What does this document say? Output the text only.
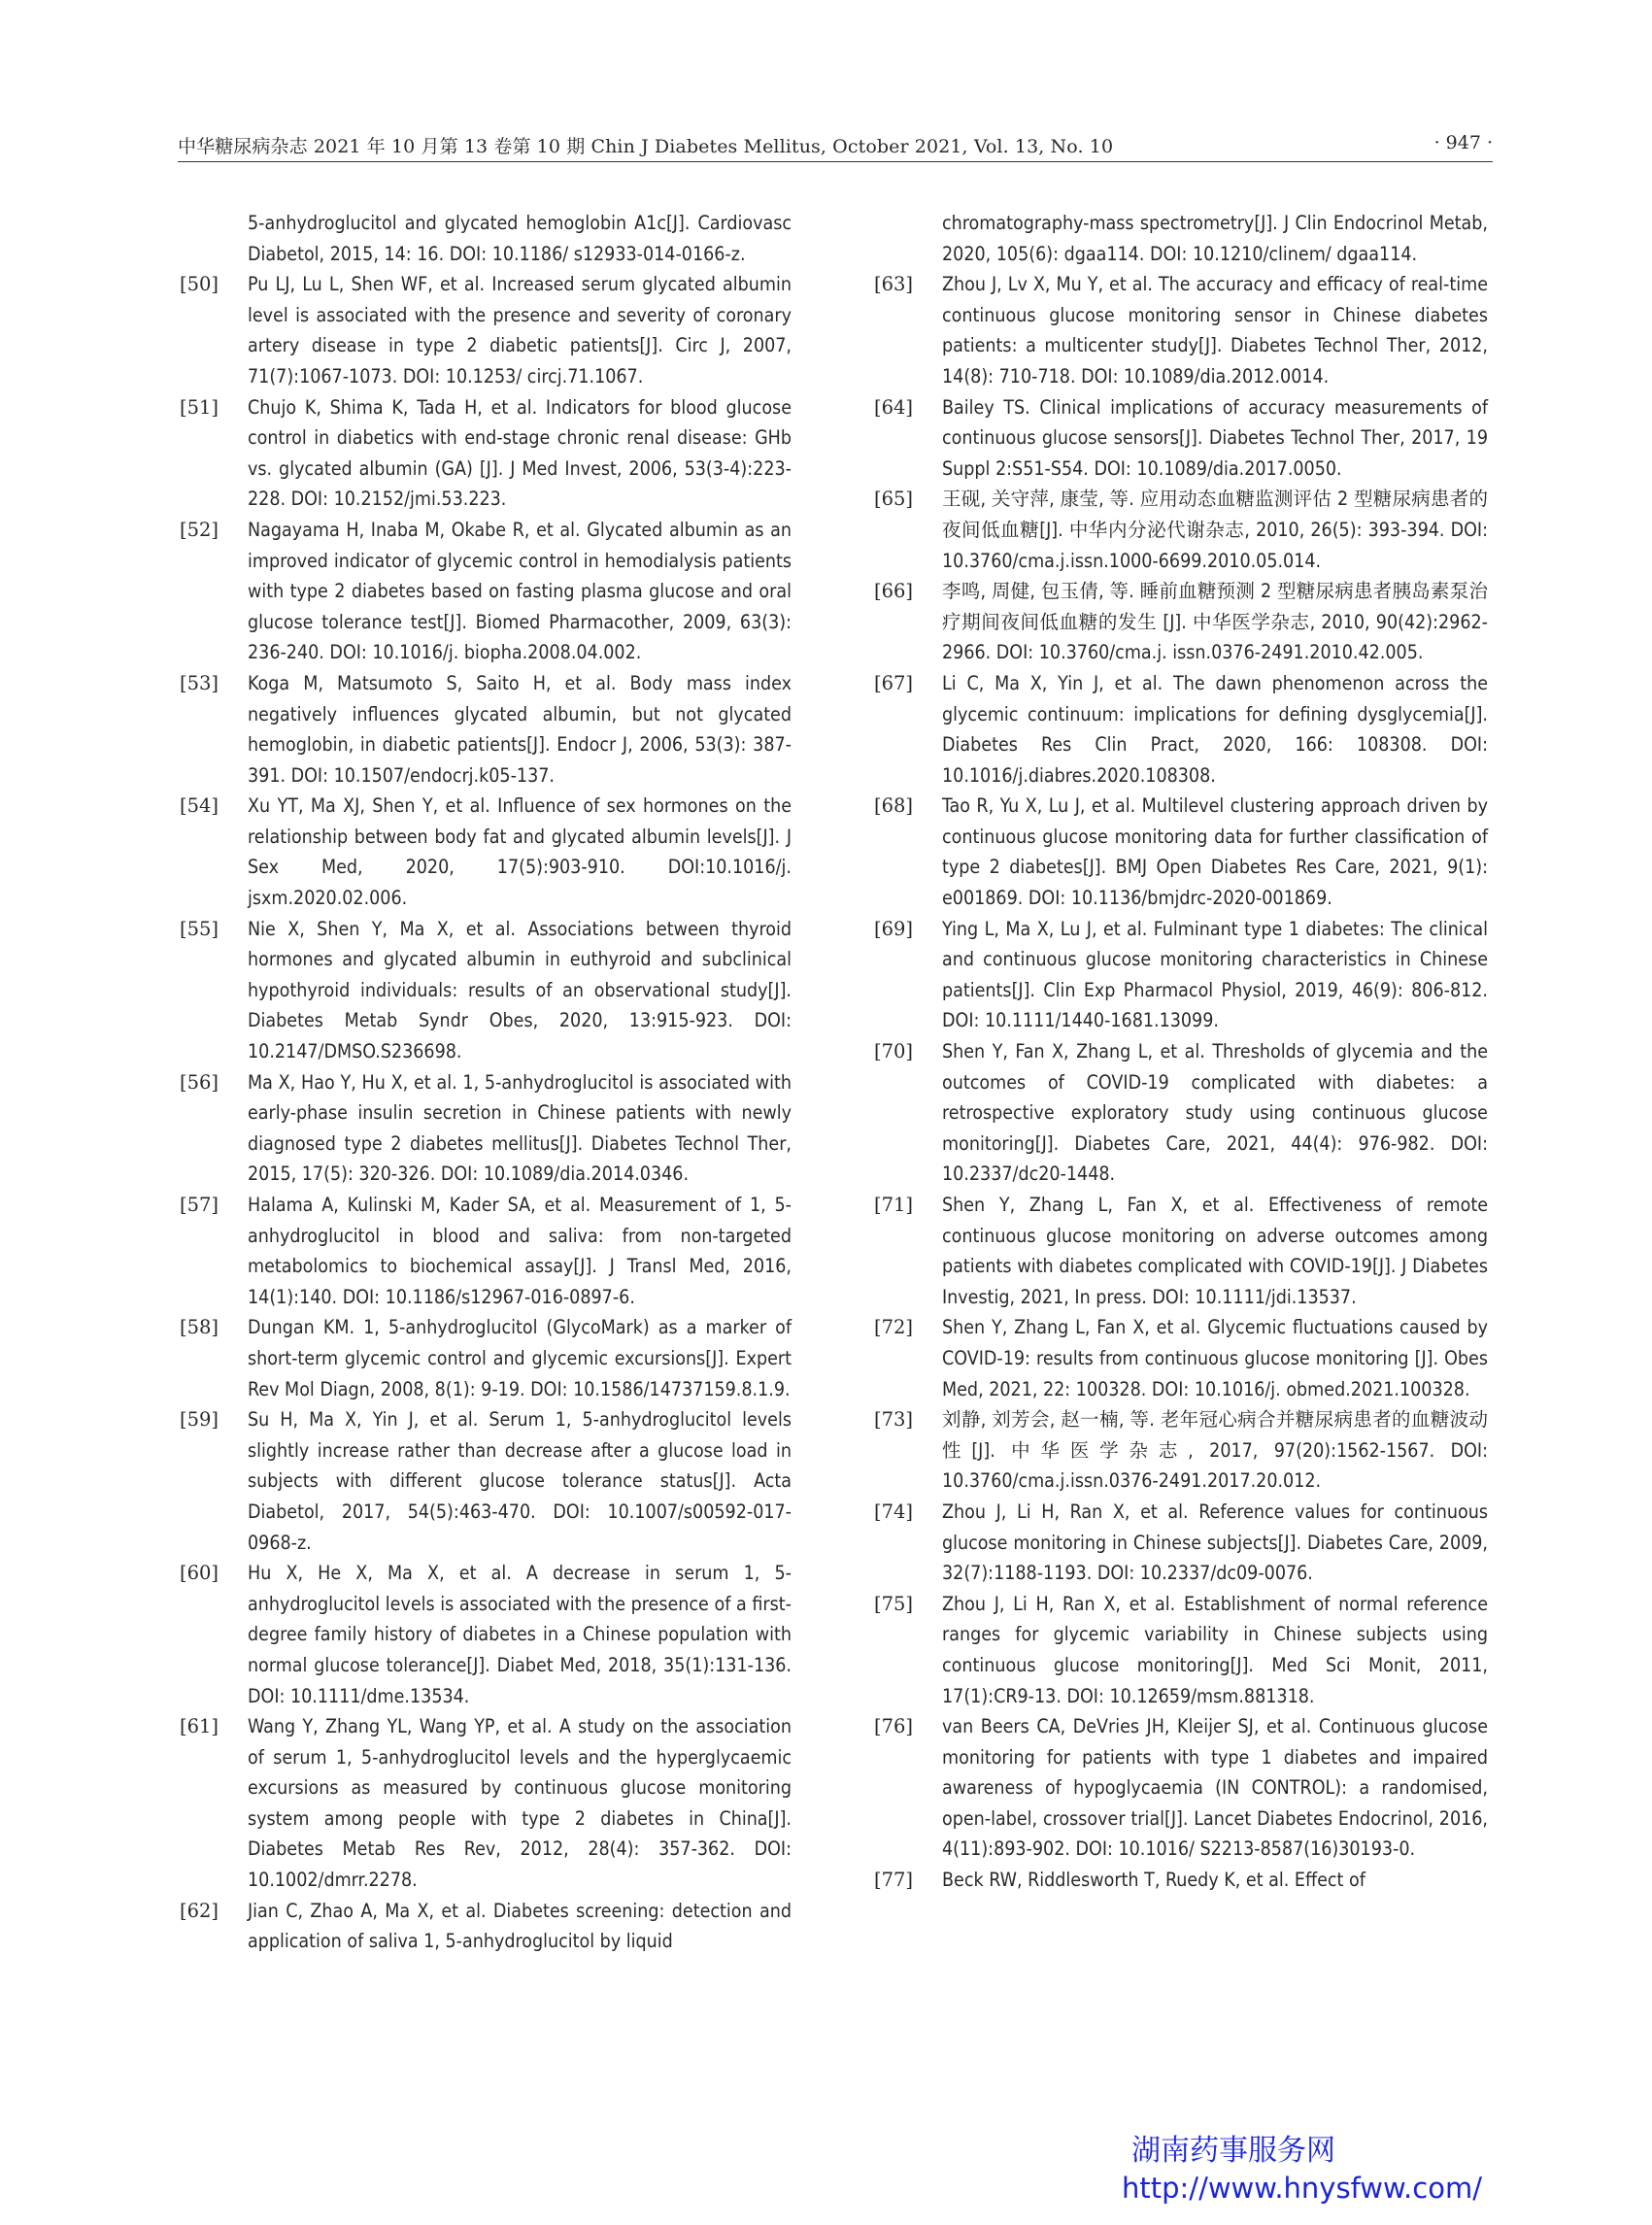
中华糖尿病杂志 2021 年 10 月第 13 卷第 10 期 Chin J Diabetes Mellitus, October 2021, Vol. 13, No. 10	· 947 ·
5-anhydroglucitol and glycated hemoglobin A1c[J]. Cardiovasc Diabetol, 2015, 14: 16. DOI: 10.1186/ s12933-014-0166-z.
[50]	Pu LJ, Lu L, Shen WF, et al. Increased serum glycated albumin level is associated with the presence and severity of coronary artery disease in type 2 diabetic patients[J]. Circ J, 2007, 71(7):1067-1073. DOI: 10.1253/ circj.71.1067.
[51]	Chujo K, Shima K, Tada H, et al. Indicators for blood glucose control in diabetics with end-stage chronic renal disease: GHb vs. glycated albumin (GA) [J]. J Med Invest, 2006, 53(3-4):223-228. DOI: 10.2152/jmi.53.223.
[52]	Nagayama H, Inaba M, Okabe R, et al. Glycated albumin as an improved indicator of glycemic control in hemodialysis patients with type 2 diabetes based on fasting plasma glucose and oral glucose tolerance test[J]. Biomed Pharmacother, 2009, 63(3): 236-240. DOI: 10.1016/j. biopha.2008.04.002.
[53]	Koga M, Matsumoto S, Saito H, et al. Body mass index negatively influences glycated albumin, but not glycated hemoglobin, in diabetic patients[J]. Endocr J, 2006, 53(3): 387-391. DOI: 10.1507/endocrj.k05-137.
[54]	Xu YT, Ma XJ, Shen Y, et al. Influence of sex hormones on the relationship between body fat and glycated albumin levels[J]. J Sex Med, 2020, 17(5):903-910. DOI:10.1016/j. jsxm.2020.02.006.
[55]	Nie X, Shen Y, Ma X, et al. Associations between thyroid hormones and glycated albumin in euthyroid and subclinical hypothyroid individuals: results of an observational study[J]. Diabetes Metab Syndr Obes, 2020, 13:915-923. DOI: 10.2147/DMSO.S236698.
[56]	Ma X, Hao Y, Hu X, et al. 1, 5-anhydroglucitol is associated with early-phase insulin secretion in Chinese patients with newly diagnosed type 2 diabetes mellitus[J]. Diabetes Technol Ther, 2015, 17(5): 320-326. DOI: 10.1089/dia.2014.0346.
[57]	Halama A, Kulinski M, Kader SA, et al. Measurement of 1, 5-anhydroglucitol in blood and saliva: from non-targeted metabolomics to biochemical assay[J]. J Transl Med, 2016, 14(1):140. DOI: 10.1186/s12967-016-0897-6.
[58]	Dungan KM. 1, 5-anhydroglucitol (GlycoMark) as a marker of short-term glycemic control and glycemic excursions[J]. Expert Rev Mol Diagn, 2008, 8(1): 9-19. DOI: 10.1586/14737159.8.1.9.
[59]	Su H, Ma X, Yin J, et al. Serum 1, 5-anhydroglucitol levels slightly increase rather than decrease after a glucose load in subjects with different glucose tolerance status[J]. Acta Diabetol, 2017, 54(5):463-470. DOI: 10.1007/s00592-017-0968-z.
[60]	Hu X, He X, Ma X, et al. A decrease in serum 1, 5-anhydroglucitol levels is associated with the presence of a first-degree family history of diabetes in a Chinese population with normal glucose tolerance[J]. Diabet Med, 2018, 35(1):131-136. DOI: 10.1111/dme.13534.
[61]	Wang Y, Zhang YL, Wang YP, et al. A study on the association of serum 1, 5-anhydroglucitol levels and the hyperglycaemic excursions as measured by continuous glucose monitoring system among people with type 2 diabetes in China[J]. Diabetes Metab Res Rev, 2012, 28(4): 357-362. DOI: 10.1002/dmrr.2278.
[62]	Jian C, Zhao A, Ma X, et al. Diabetes screening: detection and application of saliva 1, 5-anhydroglucitol by liquid
chromatography-mass spectrometry[J]. J Clin Endocrinol Metab, 2020, 105(6): dgaa114. DOI: 10.1210/clinem/ dgaa114.
[63]	Zhou J, Lv X, Mu Y, et al. The accuracy and efficacy of real-time continuous glucose monitoring sensor in Chinese diabetes patients: a multicenter study[J]. Diabetes Technol Ther, 2012, 14(8): 710-718. DOI: 10.1089/dia.2012.0014.
[64]	Bailey TS. Clinical implications of accuracy measurements of continuous glucose sensors[J]. Diabetes Technol Ther, 2017, 19 Suppl 2:S51-S54. DOI: 10.1089/dia.2017.0050.
[65]	王砚, 关守萍, 康莹, 等. 应用动态血糖监测评估 2 型糖尿病患者的夜间低血糖[J]. 中华内分泌代谢杂志, 2010, 26(5): 393-394. DOI: 10.3760/cma.j.issn.1000-6699.2010.05.014.
[66]	李鸣, 周健, 包玉倩, 等. 睡前血糖预测 2 型糖尿病患者胰岛素泵治疗期间夜间低血糖的发生 [J]. 中华医学杂志, 2010, 90(42):2962-2966. DOI: 10.3760/cma.j. issn.0376-2491.2010.42.005.
[67]	Li C, Ma X, Yin J, et al. The dawn phenomenon across the glycemic continuum: implications for defining dysglycemia[J]. Diabetes Res Clin Pract, 2020, 166: 108308. DOI: 10.1016/j.diabres.2020.108308.
[68]	Tao R, Yu X, Lu J, et al. Multilevel clustering approach driven by continuous glucose monitoring data for further classification of type 2 diabetes[J]. BMJ Open Diabetes Res Care, 2021, 9(1): e001869. DOI: 10.1136/bmjdrc-2020-001869.
[69]	Ying L, Ma X, Lu J, et al. Fulminant type 1 diabetes: The clinical and continuous glucose monitoring characteristics in Chinese patients[J]. Clin Exp Pharmacol Physiol, 2019, 46(9): 806-812. DOI: 10.1111/1440-1681.13099.
[70]	Shen Y, Fan X, Zhang L, et al. Thresholds of glycemia and the outcomes of COVID-19 complicated with diabetes: a retrospective exploratory study using continuous glucose monitoring[J]. Diabetes Care, 2021, 44(4): 976-982. DOI: 10.2337/dc20-1448.
[71]	Shen Y, Zhang L, Fan X, et al. Effectiveness of remote continuous glucose monitoring on adverse outcomes among patients with diabetes complicated with COVID-19[J]. J Diabetes Investig, 2021, In press. DOI: 10.1111/jdi.13537.
[72]	Shen Y, Zhang L, Fan X, et al. Glycemic fluctuations caused by COVID-19: results from continuous glucose monitoring [J]. Obes Med, 2021, 22: 100328. DOI: 10.1016/j. obmed.2021.100328.
[73]	刘静, 刘芳会, 赵一楠, 等. 老年冠心病合并糖尿病患者的血糖波动性[J]. 中华医学杂志, 2017, 97(20):1562-1567. DOI: 10.3760/cma.j.issn.0376-2491.2017.20.012.
[74]	Zhou J, Li H, Ran X, et al. Reference values for continuous glucose monitoring in Chinese subjects[J]. Diabetes Care, 2009, 32(7):1188-1193. DOI: 10.2337/dc09-0076.
[75]	Zhou J, Li H, Ran X, et al. Establishment of normal reference ranges for glycemic variability in Chinese subjects using continuous glucose monitoring[J]. Med Sci Monit, 2011, 17(1):CR9-13. DOI: 10.12659/msm.881318.
[76]	van Beers CA, DeVries JH, Kleijer SJ, et al. Continuous glucose monitoring for patients with type 1 diabetes and impaired awareness of hypoglycaemia (IN CONTROL): a randomised, open-label, crossover trial[J]. Lancet Diabetes Endocrinol, 2016, 4(11):893-902. DOI: 10.1016/ S2213-8587(16)30193-0.
[77]	Beck RW, Riddlesworth T, Ruedy K, et al. Effect of
湖南药事服务网
http://www.hnysfww.com/
